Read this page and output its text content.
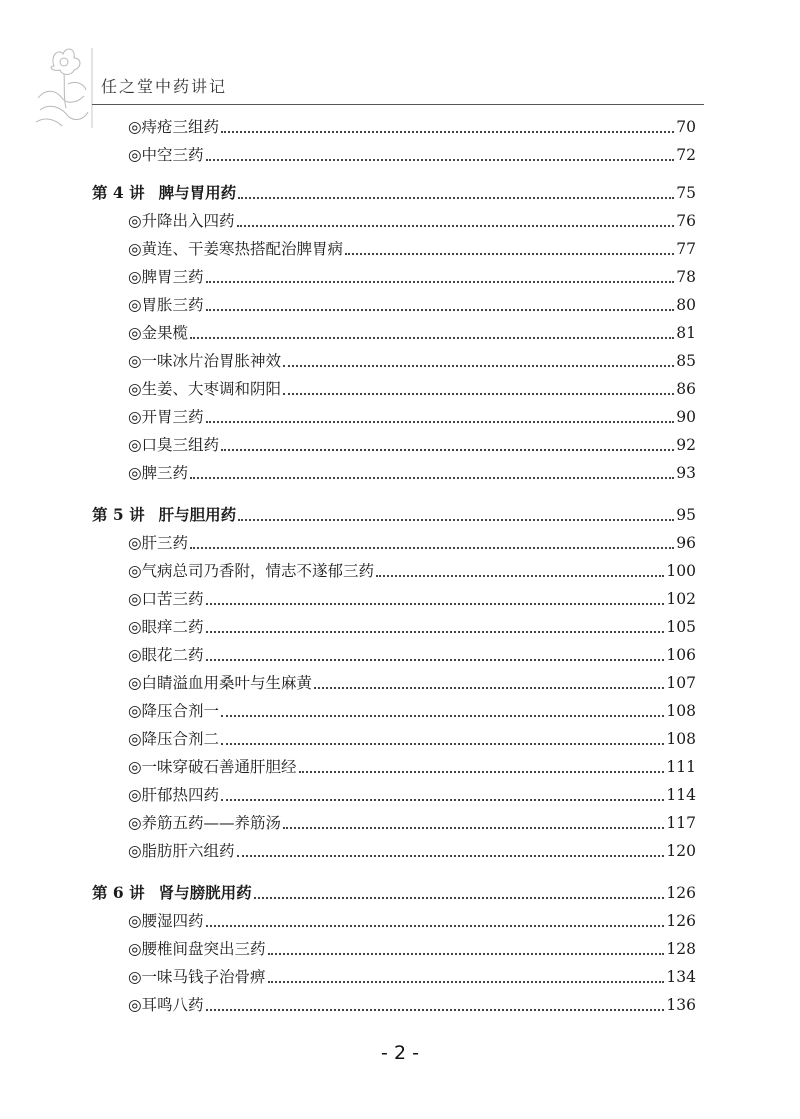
任之堂中药讲记
◎痔疮三组药	70
◎中空三药	72
第 4 讲 脾与胃用药	75
◎升降出入四药	76
◎黄连、干姜寒热搭配治脾胃病	77
◎脾胃三药	78
◎胃胀三药	80
◎金果榄	81
◎一味冰片治胃胀神效	85
◎生姜、大枣调和阴阳	86
◎开胃三药	90
◎口臭三组药	92
◎脾三药	93
第 5 讲 肝与胆用药	95
◎肝三药	96
◎气病总司乃香附，情志不遂郁三药	100
◎口苦三药	102
◎眼痒二药	105
◎眼花二药	106
◎白睛溢血用桑叶与生麻黄	107
◎降压合剂一	108
◎降压合剂二	108
◎一味穿破石善通肝胆经	111
◎肝郁热四药	114
◎养筋五药——养筋汤	117
◎脂肪肝六组药	120
第 6 讲 肾与膀胱用药	126
◎腰湿四药	126
◎腰椎间盘突出三药	128
◎一味马钱子治骨痹	134
◎耳鸣八药	136
- 2 -
